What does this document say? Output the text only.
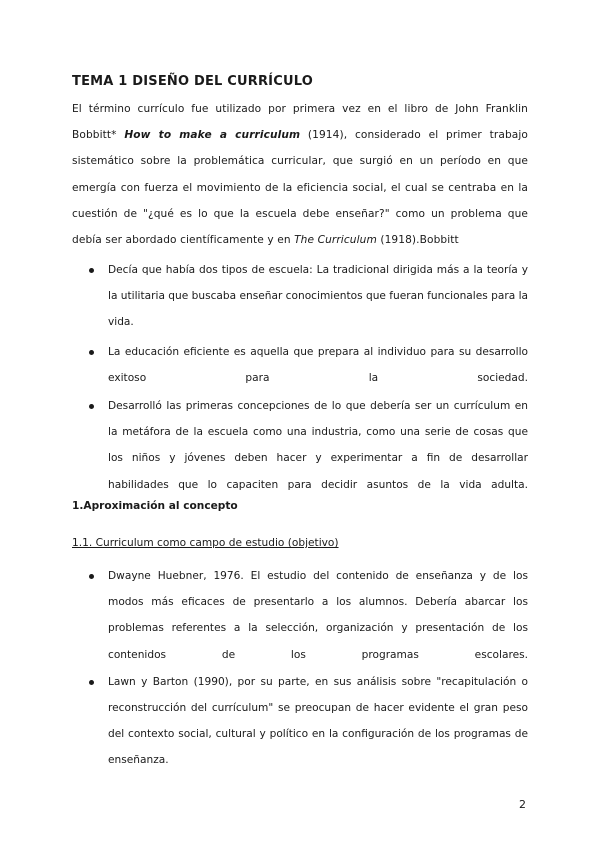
TEMA 1 DISEÑO DEL CURRÍCULO
El término currículo fue utilizado por primera vez en el libro de John Franklin
Bobbitt* How to make a curriculum (1914), considerado el primer trabajo
sistemático sobre la problemática curricular, que surgió en un período en que
emergía con fuerza el movimiento de la eficiencia social, el cual se centraba en la
cuestión de "¿qué es lo que la escuela debe enseñar?" como un problema que
debía ser abordado científicamente y en The Curriculum (1918).Bobbitt
Decía que había dos tipos de escuela: La tradicional dirigida más a la teoría y la utilitaria que buscaba enseñar conocimientos que fueran funcionales para la vida.
La educación eficiente es aquella que prepara al individuo para su desarrollo exitoso para la sociedad.
Desarrolló las primeras concepciones de lo que debería ser un currículum en la metáfora de la escuela como una industria, como una serie de cosas que los niños y jóvenes deben hacer y experimentar a fin de desarrollar habilidades que lo capaciten para decidir asuntos de la vida adulta.
1.Aproximación al concepto
1.1. Curriculum como campo de estudio (objetivo)
Dwayne Huebner, 1976. El estudio del contenido de enseñanza y de los modos más eficaces de presentarlo a los alumnos. Debería abarcar los problemas referentes a la selección, organización y presentación de los contenidos de los programas escolares.
Lawn y Barton (1990), por su parte, en sus análisis sobre "recapitulación o reconstrucción del currículum" se preocupan de hacer evidente el gran peso del contexto social, cultural y político en la configuración de los programas de enseñanza.
2
